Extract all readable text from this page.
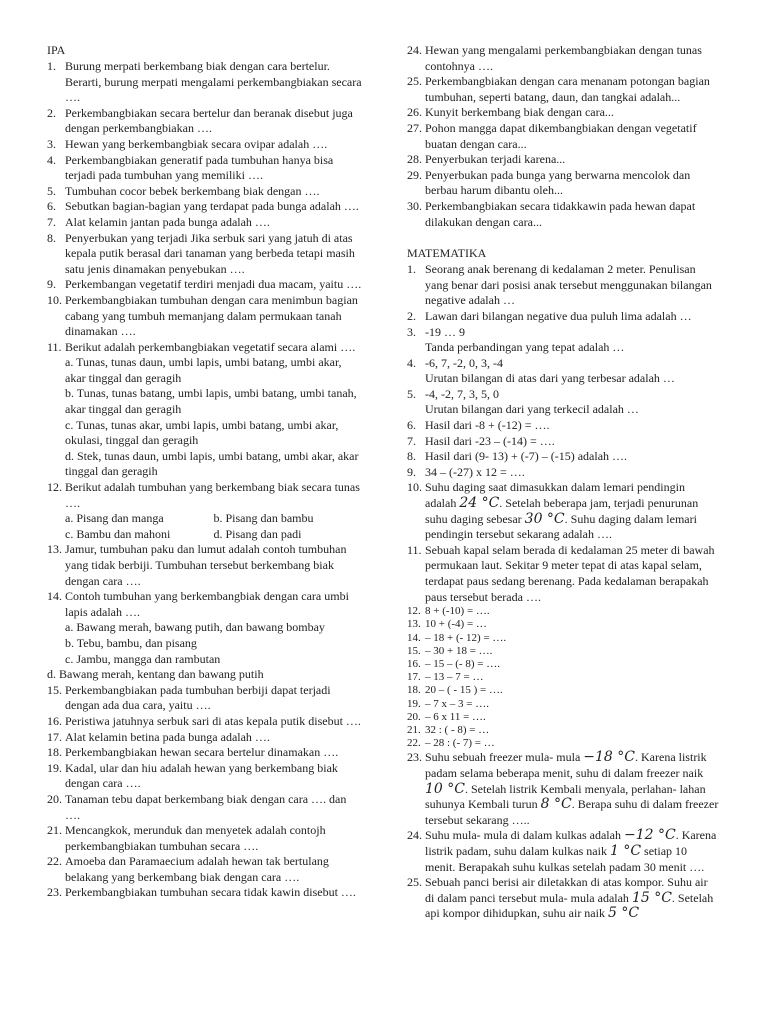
IPA
1. Burung merpati berkembang biak dengan cara bertelur. Berarti, burung merpati mengalami perkembangbiakan secara ….
2. Perkembangbiakan secara bertelur dan beranak disebut juga dengan perkembangbiakan ….
3. Hewan yang berkembangbiak secara ovipar adalah ….
4. Perkembangbiakan generatif pada tumbuhan hanya bisa terjadi pada tumbuhan yang memiliki ….
5. Tumbuhan cocor bebek berkembang biak dengan ….
6. Sebutkan bagian-bagian yang terdapat pada bunga adalah ….
7. Alat kelamin jantan pada bunga adalah ….
8. Penyerbukan yang terjadi Jika serbuk sari yang jatuh di atas kepala putik berasal dari tanaman yang berbeda tetapi masih satu jenis dinamakan penyebukan ….
9. Perkembangan vegetatif terdiri menjadi dua macam, yaitu ….
10. Perkembangbiakan tumbuhan dengan cara menimbun bagian cabang yang tumbuh memanjang dalam permukaan tanah dinamakan ….
11. Berikut adalah perkembangbiakan vegetatif secara alami ….
a. Tunas, tunas daun, umbi lapis, umbi batang, umbi akar, akar tinggal dan geragih
b. Tunas, tunas batang, umbi lapis, umbi batang, umbi tanah, akar tinggal dan geragih
c. Tunas, tunas akar, umbi lapis, umbi batang, umbi akar, okulasi, tinggal dan geragih
d. Stek, tunas daun, umbi lapis, umbi batang, umbi akar, akar tinggal dan geragih
12. Berikut adalah tumbuhan yang berkembang biak secara tunas ….
a. Pisang dan manga	b. Pisang dan bambu
c. Bambu dan mahoni	d. Pisang dan padi
13. Jamur, tumbuhan paku dan lumut adalah contoh tumbuhan yang tidak berbiji. Tumbuhan tersebut berkembang biak dengan cara ….
14. Contoh tumbuhan yang berkembangbiak dengan cara umbi lapis adalah ….
a. Bawang merah, bawang putih, dan bawang bombay
b. Tebu, bambu, dan pisang
c. Jambu, mangga dan rambutan
d. Bawang merah, kentang dan bawang putih
15. Perkembangbiakan pada tumbuhan berbiji dapat terjadi dengan ada dua cara, yaitu ….
16. Peristiwa jatuhnya serbuk sari di atas kepala putik disebut ….
17. Alat kelamin betina pada bunga adalah ….
18. Perkembangbiakan hewan secara bertelur dinamakan ….
19. Kadal, ular dan hiu adalah hewan yang berkembang biak dengan cara ….
20. Tanaman tebu dapat berkembang biak dengan cara …. dan ….
21. Mencangkok, merunduk dan menyetek adalah contojh perkembangbiakan tumbuhan secara ….
22. Amoeba dan Paramaecium adalah hewan tak bertulang belakang yang berkembang biak dengan cara ….
23. Perkembangbiakan tumbuhan secara tidak kawin disebut ….
24. Hewan yang mengalami perkembangbiakan dengan tunas contohnya ….
25. Perkembangbiakan dengan cara menanam potongan bagian tumbuhan, seperti batang, daun, dan tangkai adalah...
26. Kunyit berkembang biak dengan cara...
27. Pohon mangga dapat dikembangbiakan dengan vegetatif buatan dengan cara...
28. Penyerbukan terjadi karena...
29. Penyerbukan pada bunga yang berwarna mencolok dan berbau harum dibantu oleh...
30. Perkembangbiakan secara tidakkawin pada hewan dapat dilakukan dengan cara...
MATEMATIKA
1. Seorang anak berenang di kedalaman 2 meter. Penulisan yang benar dari posisi anak tersebut menggunakan bilangan negative adalah …
2. Lawan dari bilangan negative dua puluh lima adalah …
3. -19 … 9
Tanda perbandingan yang tepat adalah …
4. -6, 7, -2, 0, 3, -4
Urutan bilangan di atas dari yang terbesar adalah …
5. -4, -2, 7, 3, 5, 0
Urutan bilangan dari yang terkecil adalah …
6. Hasil dari -8 + (-12) = ….
7. Hasil dari -23 – (-14) = ….
8. Hasil dari (9- 13) + (-7) – (-15) adalah ….
9. 34 – (-27) x 12 = ….
10. Suhu daging saat dimasukkan dalam lemari pendingin adalah 24 °C. Setelah beberapa jam, terjadi penurunan suhu daging sebesar 30 °C. Suhu daging dalam lemari pendingin tersebut sekarang adalah ….
11. Sebuah kapal selam berada di kedalaman 25 meter di bawah permukaan laut. Sekitar 9 meter tepat di atas kapal selam, terdapat paus sedang berenang. Pada kedalaman berapakah paus tersebut berada ….
12. 8 + (-10) = ….
13. 10 + (-4) = …
14. – 18 + (- 12) = ….
15. – 30 + 18 = ….
16. – 15 – (- 8) = ….
17. – 13 – 7 = …
18. 20 – ( - 15 ) = ….
19. – 7 x – 3 = ….
20. – 6 x 11 = ….
21. 32 : ( - 8) = …
22. – 28 : (- 7) = …
23. Suhu sebuah freezer mula- mula −18 °C. Karena listrik padam selama beberapa menit, suhu di dalam freezer naik 10 °C. Setelah listrik Kembali menyala, perlahan- lahan suhunya Kembali turun 8 °C. Berapa suhu di dalam freezer tersebut sekarang …..
24. Suhu mula- mula di dalam kulkas adalah −12 °C. Karena listrik padam, suhu dalam kulkas naik 1 °C setiap 10 menit. Berapakah suhu kulkas setelah padam 30 menit ….
25. Sebuah panci berisi air diletakkan di atas kompor. Suhu air di dalam panci tersebut mula- mula adalah 15 °C. Setelah api kompor dihidupkan, suhu air naik 5 °C
